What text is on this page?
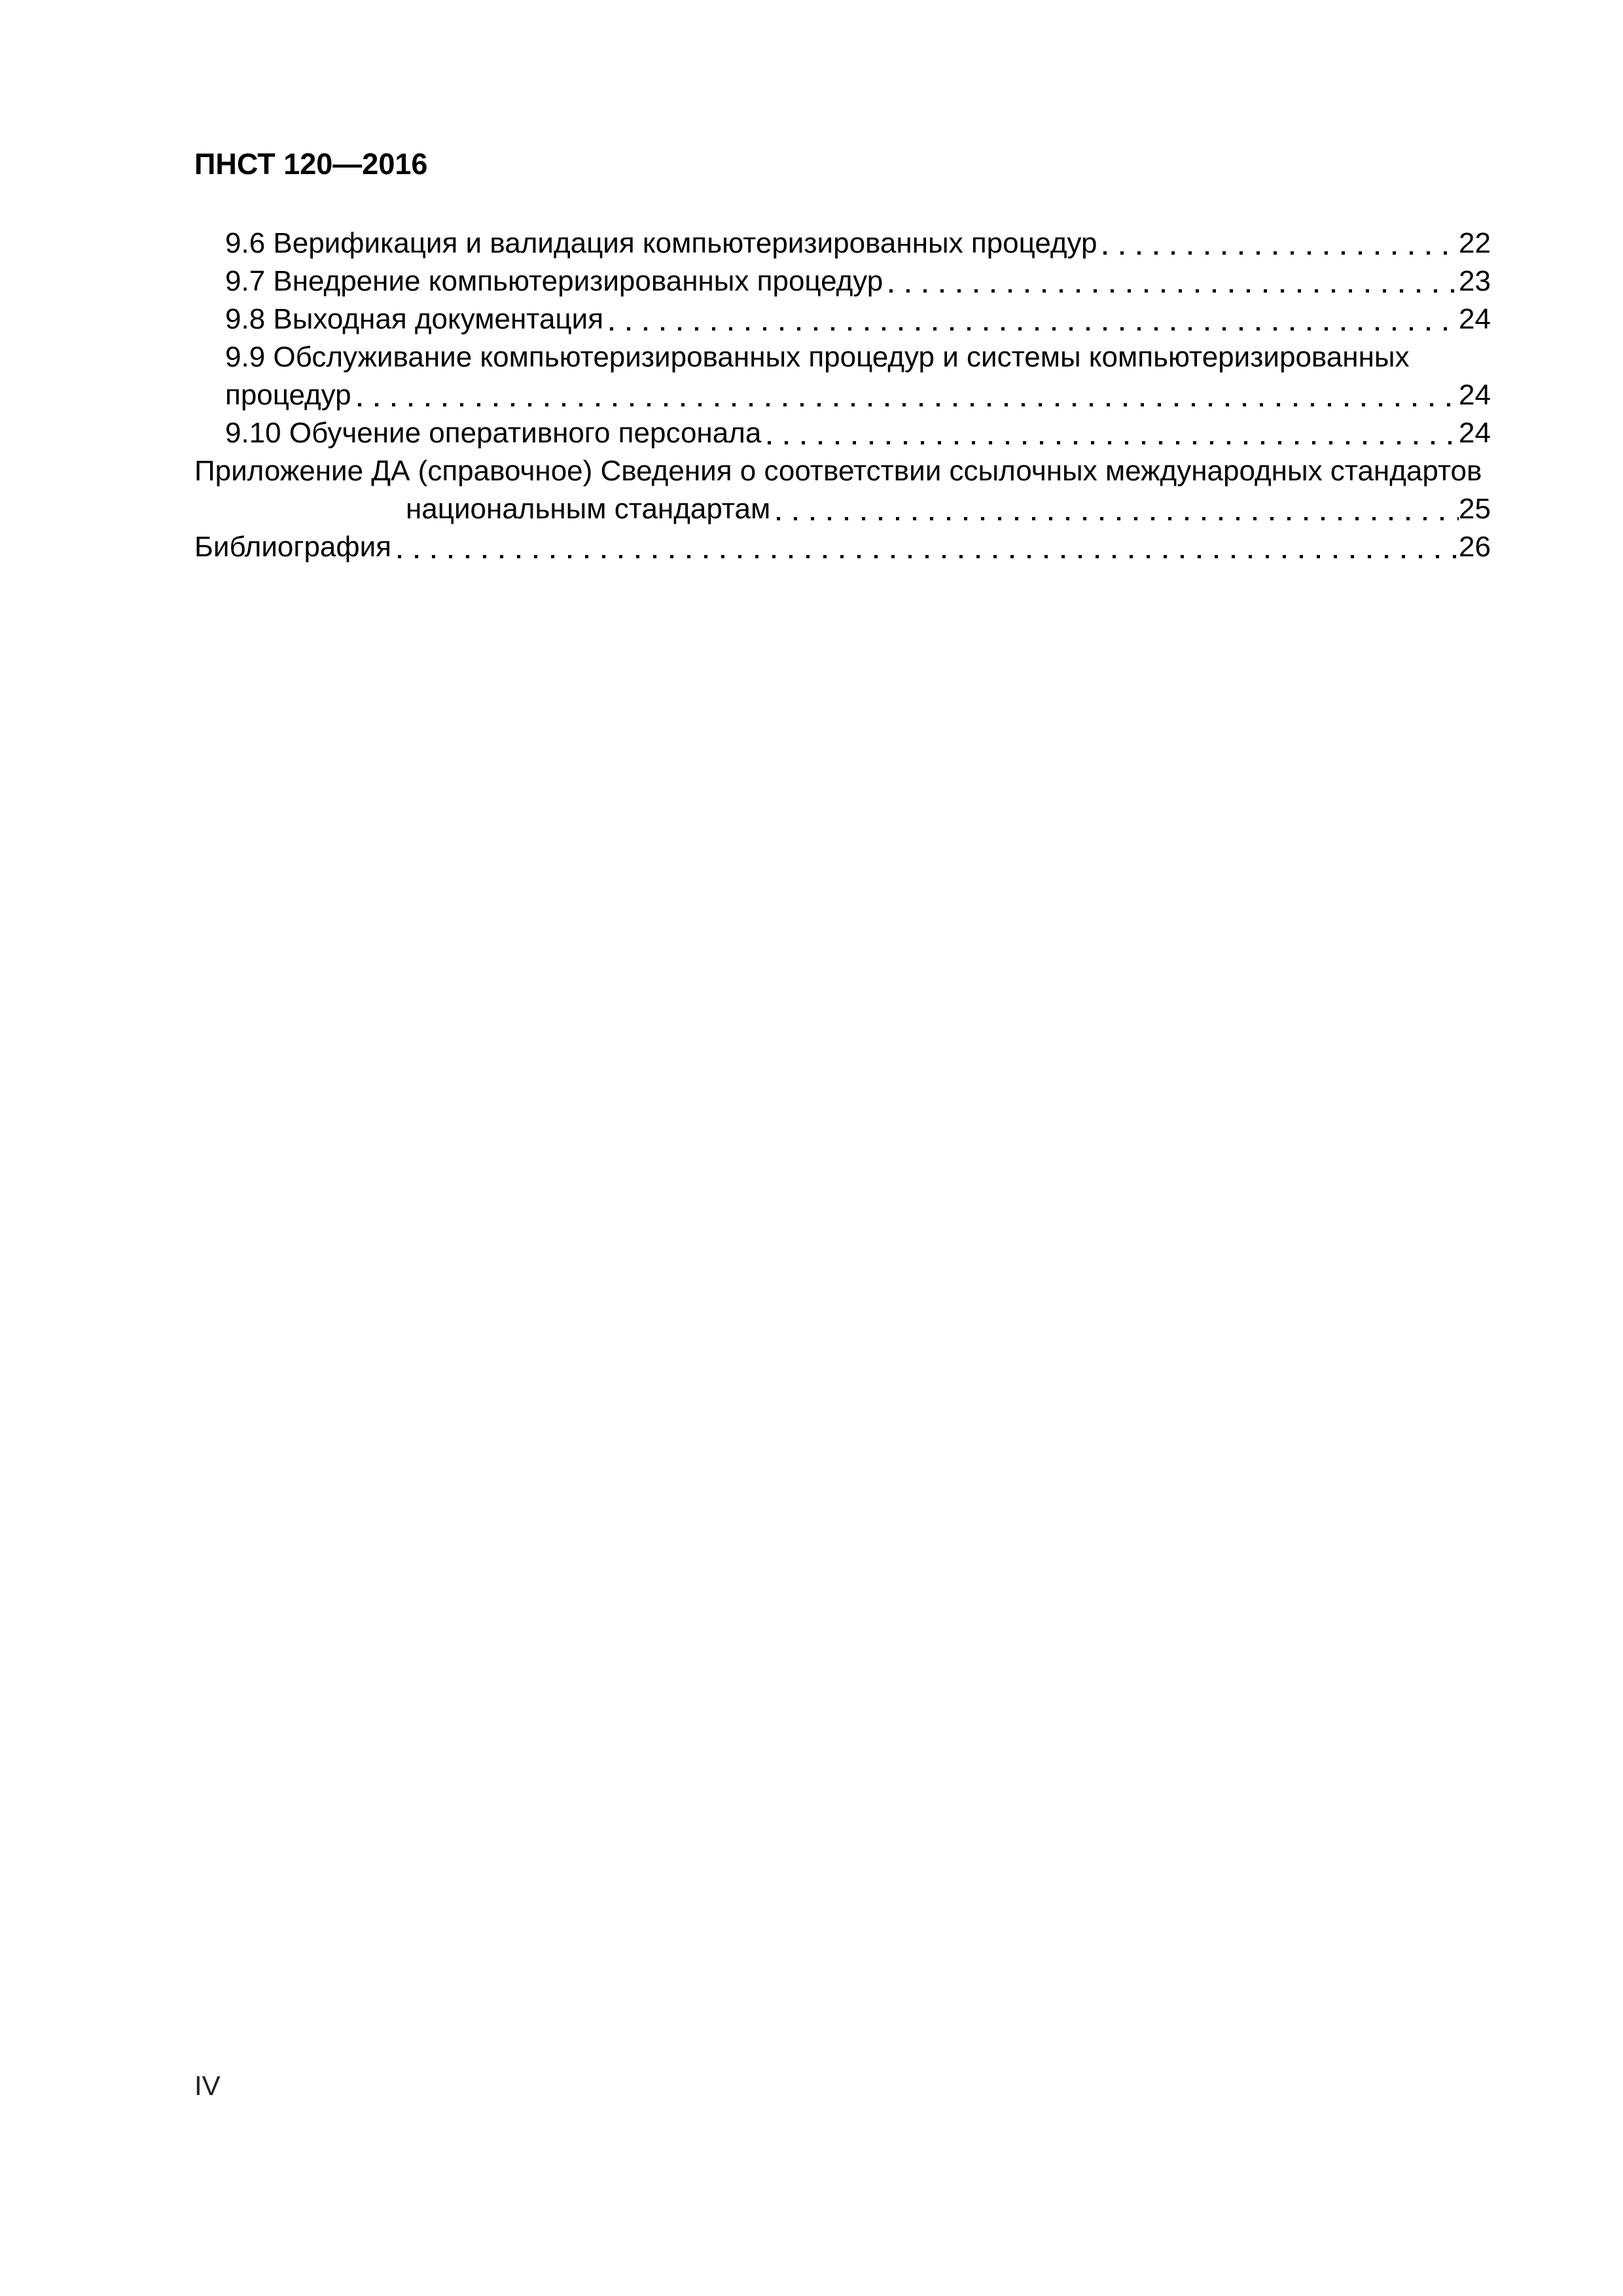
ПНСТ 120—2016
9.6 Верификация и валидация компьютеризированных процедур	22
9.7 Внедрение компьютеризированных процедур	23
9.8 Выходная документация	24
9.9 Обслуживание компьютеризированных процедур и системы компьютеризированных
процедур	24
9.10 Обучение оперативного персонала	24
Приложение ДА (справочное) Сведения о соответствии ссылочных международных стандартов
национальным стандартам	25
Библиография	26
IV
